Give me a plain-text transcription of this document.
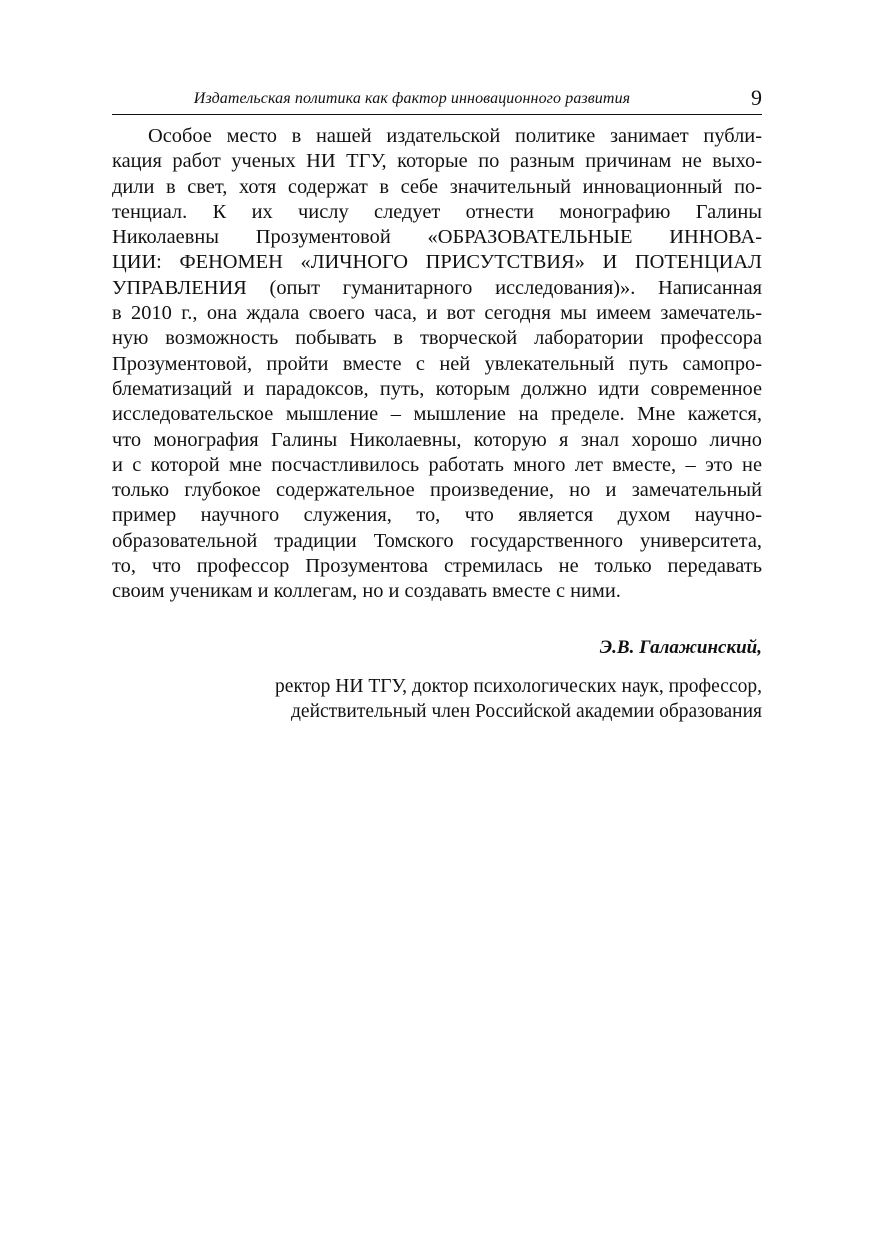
Издательская политика как фактор инновационного развития	9
Особое место в нашей издательской политике занимает публи-
кация работ ученых НИ ТГУ, которые по разным причинам не выхо-
дили в свет, хотя содержат в себе значительный инновационный по-
тенциал. К их числу следует отнести монографию Галины
Николаевны Прозументовой «ОБРАЗОВАТЕЛЬНЫЕ ИННОВА-
ЦИИ: ФЕНОМЕН «ЛИЧНОГО ПРИСУТСТВИЯ» И ПОТЕНЦИАЛ
УПРАВЛЕНИЯ (опыт гуманитарного исследования)». Написанная
в 2010 г., она ждала своего часа, и вот сегодня мы имеем замечатель-
ную возможность побывать в творческой лаборатории профессора
Прозументовой, пройти вместе с ней увлекательный путь самопро-
блематизаций и парадоксов, путь, которым должно идти современное
исследовательское мышление – мышление на пределе. Мне кажется,
что монография Галины Николаевны, которую я знал хорошо лично
и с которой мне посчастливилось работать много лет вместе, – это не
только глубокое содержательное произведение, но и замечательный
пример научного служения, то, что является духом научно-
образовательной традиции Томского государственного университета,
то, что профессор Прозументова стремилась не только передавать
своим ученикам и коллегам, но и создавать вместе с ними.
Э.В. Галажинский,
ректор НИ ТГУ, доктор психологических наук, профессор,
действительный член Российской академии образования
